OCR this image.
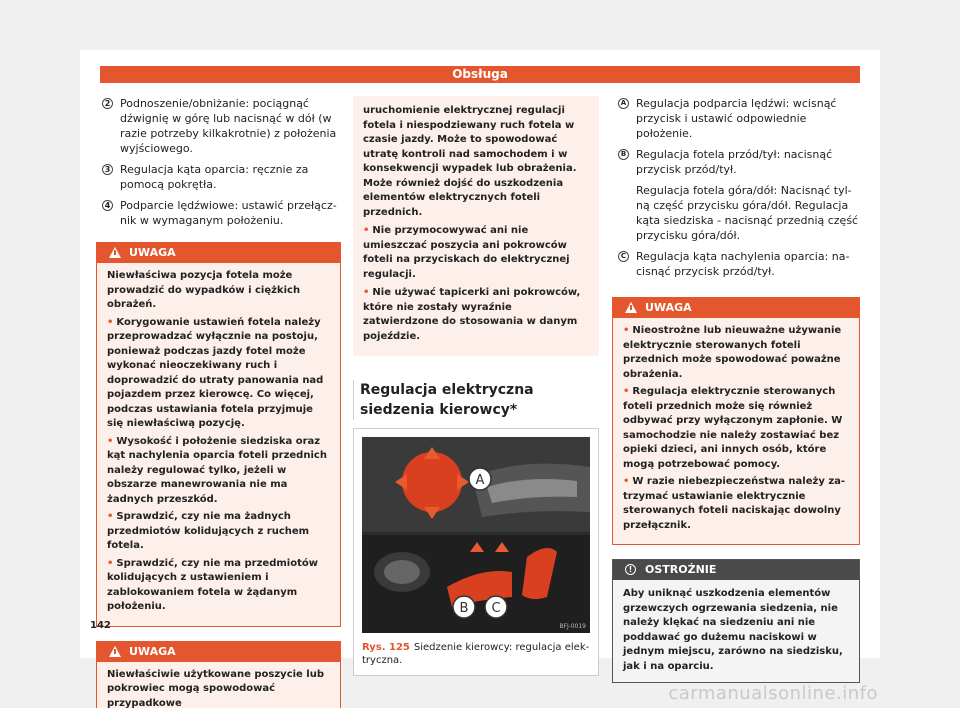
Obsługa
2 Podnoszenie/obniżanie: pociągnąć dźwignię w górę lub nacisnąć w dół (w razie potrzeby kilkakrotnie) z położenia wyjściowego.

3 Regulacja kąta oparcia: ręcznie za pomocą pokrętła.

4 Podparcie lędźwiowe: ustawić przełącznik w wymaganym położeniu.

UWAGA

Niewłaściwa pozycja fotela może prowadzić do wypadków i ciężkich obrażeń.

• Korygowanie ustawień fotela należy przeprowadzać wyłącznie na postoju, ponieważ podczas jazdy fotel może wykonać nieoczekiwany ruch i doprowadzić do utraty panowania nad pojazdem przez kierowcę. Co więcej, podczas ustawiania fotela przyjmuje się niewłaściwą pozycję.

• Wysokość i położenie siedziska oraz kąt nachylenia oparcia foteli przednich należy regulować tylko, jeżeli w obszarze manewrowania nie ma żadnych przeszkód.

• Sprawdzić, czy nie ma żadnych przedmiotów kolidujących z ruchem fotela.

• Sprawdzić, czy nie ma przedmiotów kolidujących z ustawieniem i zablokowaniem fotela w żądanym położeniu.

UWAGA

Niewłaściwie użytkowane poszycie lub pokrowiec mogą spowodować przypadkowe

uruchomienie elektrycznej regulacji fotela i niespodziewany ruch fotela w czasie jazdy. Może to spowodować utratę kontroli nad samochodem i w konsekwencji wypadek lub obrażenia. Może również dojść do uszkodzenia elementów elektrycznych foteli przednich.

• Nie przymocowywać ani nie umieszczać poszycia ani pokrowców foteli na przyciskach do elektrycznej regulacji.

• Nie używać tapicerki ani pokrowców, które nie zostały wyraźnie zatwierdzone do stosowania w danym pojeździe.

Regulacja elektryczna siedzenia kierowcy*
A
B C
BFJ-0019
Rys. 125 Siedzenie kierowcy: regulacja elektryczna.
A Regulacja podparcia lędźwi: wcisnąć przycisk i ustawić odpowiednie położenie.

B Regulacja fotela przód/tył: nacisnąć przycisk przód/tył.

Regulacja fotela góra/dół: Nacisnąć tylną część przycisku góra/dół. Regulacja kąta siedziska - nacisnąć przednią część przycisku góra/dół.

C Regulacja kąta nachylenia oparcia: nacisnąć przycisk przód/tył.

UWAGA

• Nieostrożne lub nieuważne używanie elektrycznie sterowanych foteli przednich może spowodować poważne obrażenia.

• Regulacja elektrycznie sterowanych foteli przednich może się również odbywać przy wyłączonym zapłonie. W samochodzie nie należy zostawiać bez opieki dzieci, ani innych osób, które mogą potrzebować pomocy.

• W razie niebezpieczeństwa należy zatrzymać ustawianie elektrycznie sterowanych foteli naciskając dowolny przełącznik.

!	OSTROŻNIE
Aby uniknąć uszkodzenia elementów grzewczych ogrzewania siedzenia, nie należy klękać na siedzeniu ani nie poddawać go dużemu naciskowi w jednym miejscu, zarówno na siedzisku, jak i na oparciu.
142
carmanualsonline.info
